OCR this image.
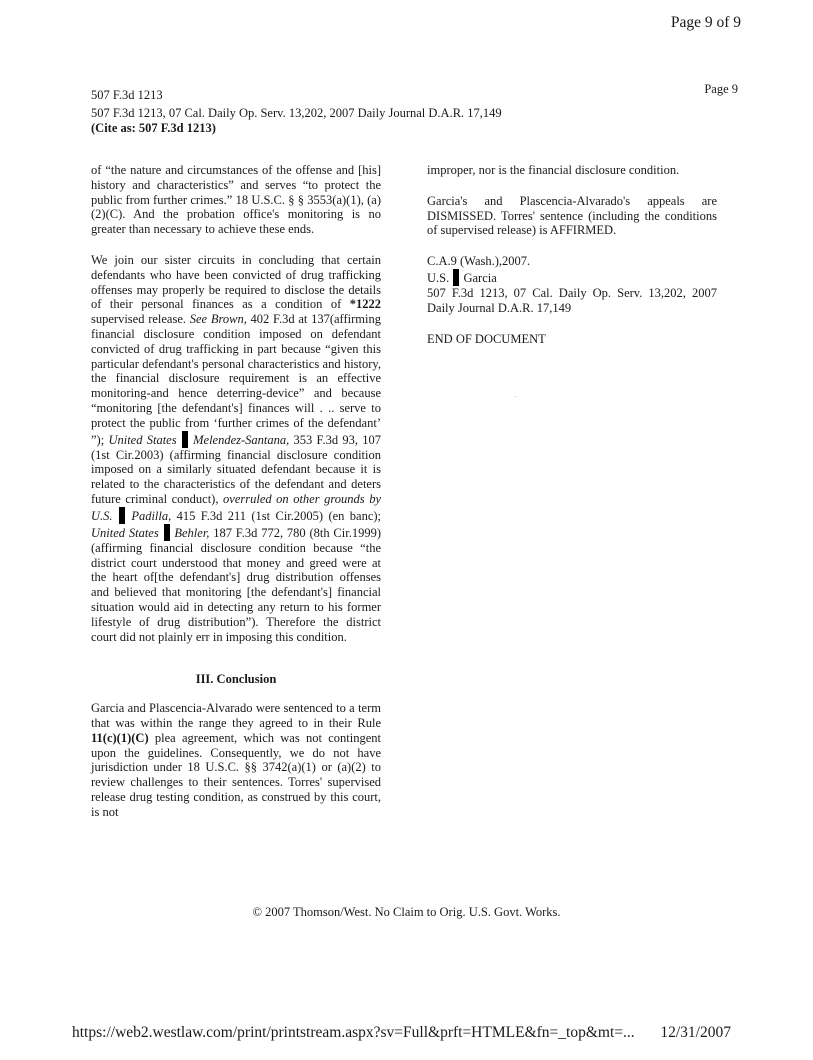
Page 9 of 9
507 F.3d 1213	Page 9
507 F.3d 1213, 07 Cal. Daily Op. Serv. 13,202, 2007 Daily Journal D.A.R. 17,149
(Cite as: 507 F.3d 1213)

of “the nature and circumstances of the offense and [his] history and characteristics” and serves “to protect the public from further crimes.” 18 U.S.C. § § 3553(a)(1), (a)(2)(C). And the probation office's monitoring is no greater than necessary to achieve these ends.

We join our sister circuits in concluding that certain defendants who have been convicted of drug trafficking offenses may properly be required to disclose the details of their personal finances as a condition of *1222 supervised release. See Brown, 402 F.3d at 137(affirming financial disclosure condition imposed on defendant convicted of drug trafficking in part because “given this particular defendant's personal characteristics and history, the financial disclosure requirement is an effective monitoring-and hence deterring-device” and because “monitoring [the defendant's] finances will . .. serve to protect the public from ‘further crimes of the defendant’ ”); United States Melendez-Santana, 353 F.3d 93, 107 (1st Cir.2003) (affirming financial disclosure condition imposed on a similarly situated defendant because it is related to the characteristics of the defendant and deters future criminal conduct), overruled on other grounds by U.S. Padilla, 415 F.3d 211 (1st Cir.2005) (en banc); United States Behler, 187 F.3d 772, 780 (8th Cir.1999) (affirming financial disclosure condition because “the district court understood that money and greed were at the heart of[the defendant's] drug distribution offenses and believed that monitoring [the defendant's] financial situation would aid in detecting any return to his former lifestyle of drug distribution”). Therefore the district court did not plainly err in imposing this condition.

III. Conclusion

Garcia and Plascencia-Alvarado were sentenced to a term that was within the range they agreed to in their Rule 11(c)(1)(C) plea agreement, which was not contingent upon the guidelines. Consequently, we do not have jurisdiction under 18 U.S.C. §§ 3742(a)(1) or (a)(2) to review challenges to their sentences. Torres' supervised release drug testing condition, as construed by this court, is not

improper, nor is the financial disclosure condition.

Garcia's and Plascencia-Alvarado's appeals are DISMISSED. Torres' sentence (including the conditions of supervised release) is AFFIRMED.

C.A.9 (Wash.),2007.

U.S. Garcia

507 F.3d 1213, 07 Cal. Daily Op. Serv. 13,202, 2007 Daily Journal D.A.R. 17,149

END OF DOCUMENT

© 2007 Thomson/West. No Claim to Orig. U.S. Govt. Works.
https://web2.westlaw.com/print/printstream.aspx?sv=Full&prft=HTMLE&fn=_top&mt=... 12/31/2007
